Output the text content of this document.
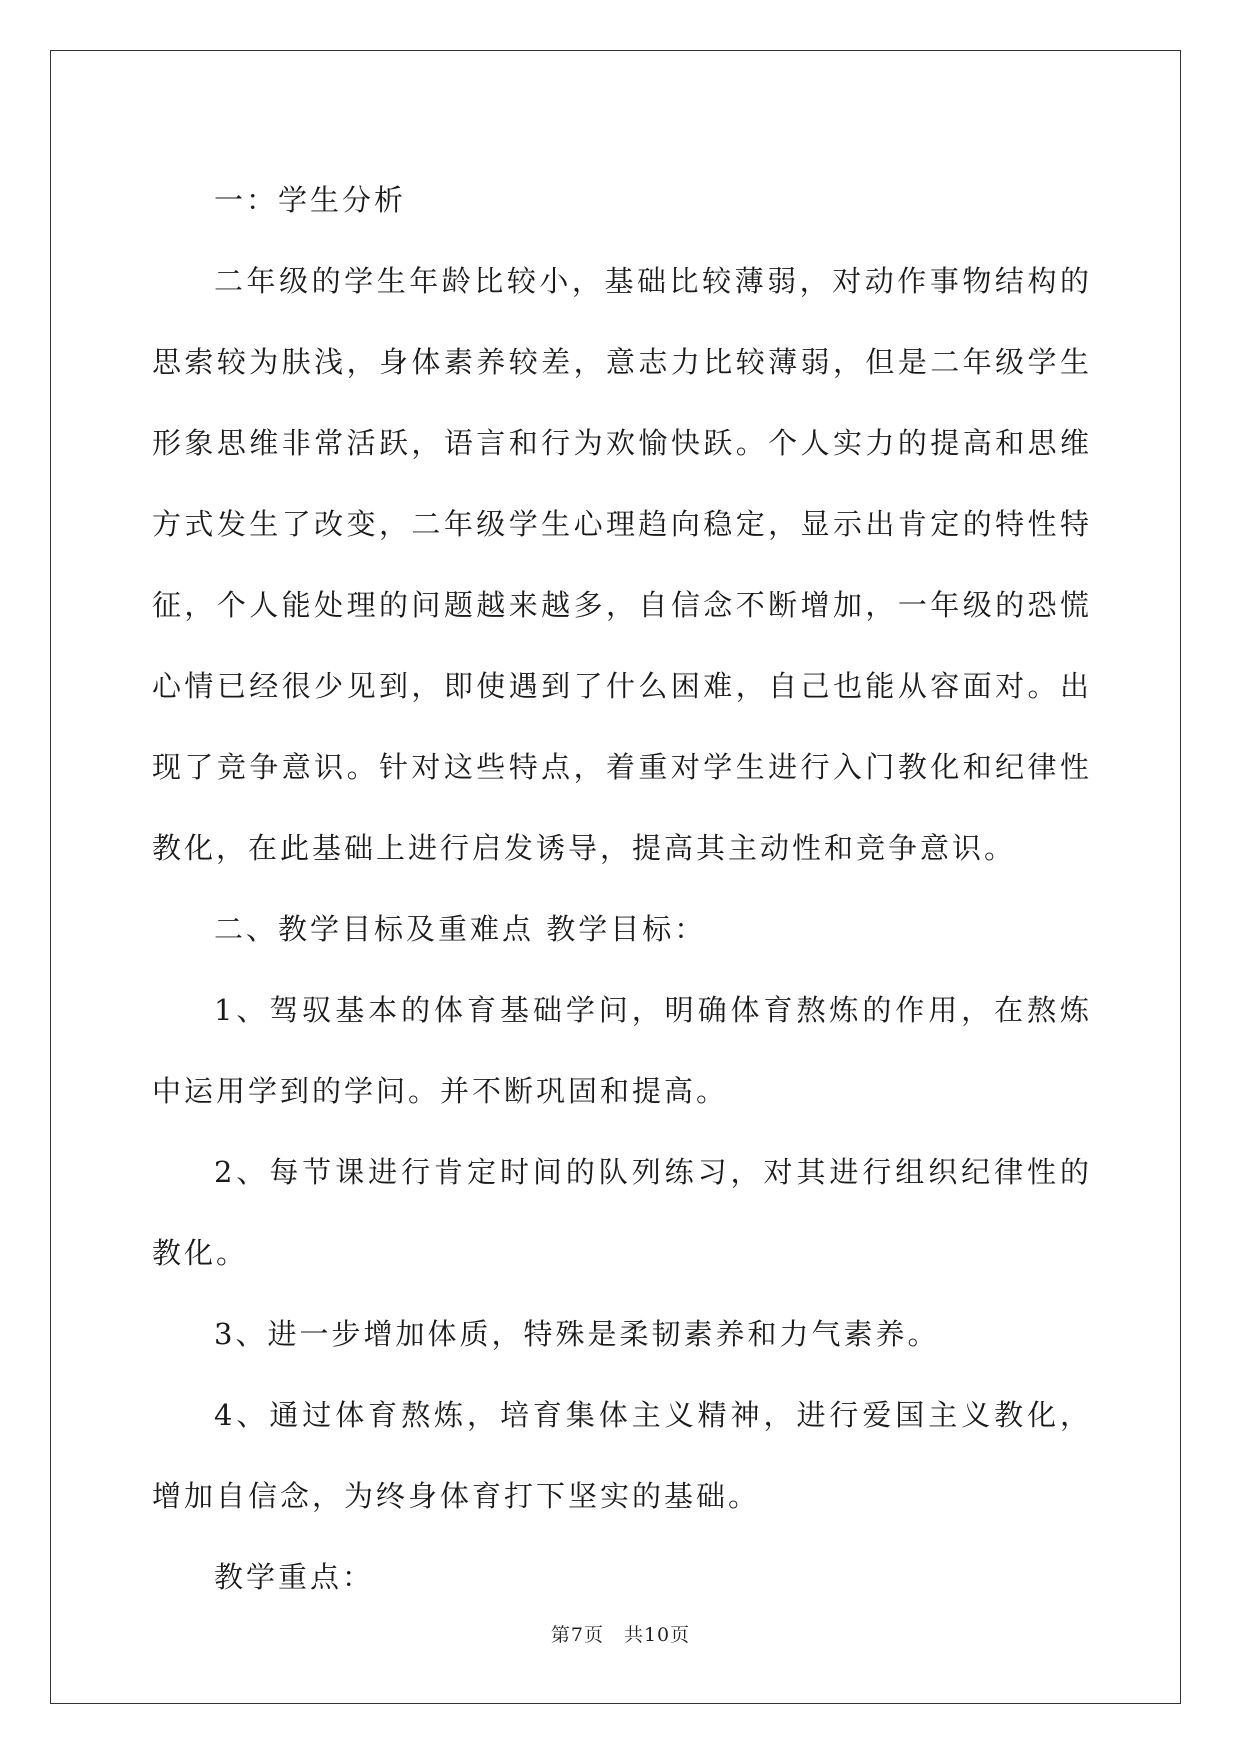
一：学生分析

二年级的学生年龄比较小，基础比较薄弱，对动作事物结构的思索较为肤浅，身体素养较差，意志力比较薄弱，但是二年级学生形象思维非常活跃，语言和行为欢愉快跃。个人实力的提高和思维方式发生了改变，二年级学生心理趋向稳定，显示出肯定的特性特征，个人能处理的问题越来越多，自信念不断增加，一年级的恐慌心情已经很少见到，即使遇到了什么困难，自己也能从容面对。出现了竞争意识。针对这些特点，着重对学生进行入门教化和纪律性教化，在此基础上进行启发诱导，提高其主动性和竞争意识。

二、教学目标及重难点 教学目标：

1、驾驭基本的体育基础学问，明确体育熬炼的作用，在熬炼中运用学到的学问。并不断巩固和提高。

2、每节课进行肯定时间的队列练习，对其进行组织纪律性的教化。

3、进一步增加体质，特殊是柔韧素养和力气素养。

4、通过体育熬炼，培育集体主义精神，进行爱国主义教化，增加自信念，为终身体育打下坚实的基础。

教学重点：

第7页　共10页
